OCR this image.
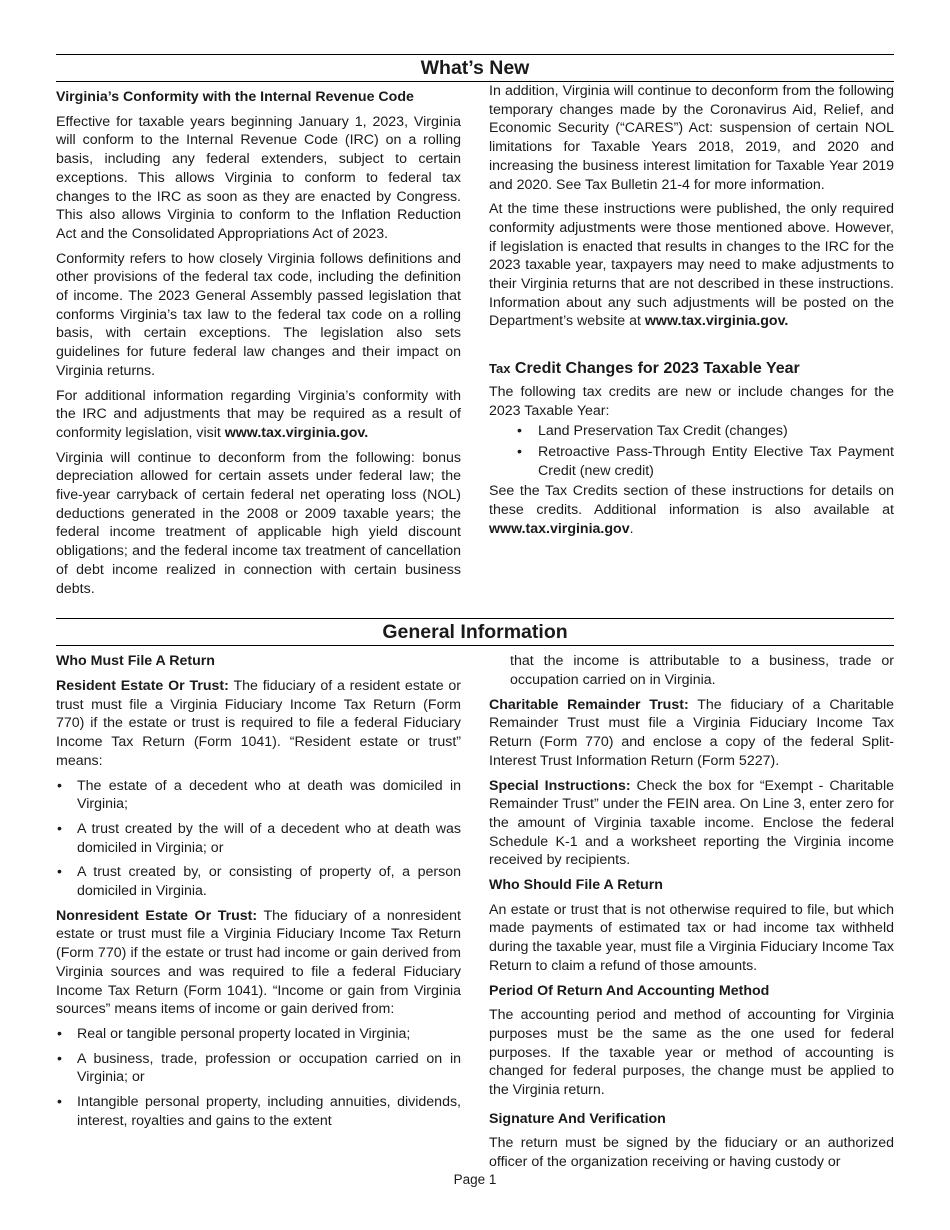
What’s New
Virginia’s Conformity with the Internal Revenue Code

Effective for taxable years beginning January 1, 2023, Virginia will conform to the Internal Revenue Code (IRC) on a rolling basis, including any federal extenders, subject to certain exceptions. This allows Virginia to conform to federal tax changes to the IRC as soon as they are enacted by Congress. This also allows Virginia to conform to the Inflation Reduction Act and the Consolidated Appropriations Act of 2023.

Conformity refers to how closely Virginia follows definitions and other provisions of the federal tax code, including the definition of income. The 2023 General Assembly passed legislation that conforms Virginia’s tax law to the federal tax code on a rolling basis, with certain exceptions. The legislation also sets guidelines for future federal law changes and their impact on Virginia returns.

For additional information regarding Virginia’s conformity with the IRC and adjustments that may be required as a result of conformity legislation, visit www.tax.virginia.gov.

Virginia will continue to deconform from the following: bonus depreciation allowed for certain assets under federal law; the five-year carryback of certain federal net operating loss (NOL) deductions generated in the 2008 or 2009 taxable years; the federal income treatment of applicable high yield discount obligations; and the federal income tax treatment of cancellation of debt income realized in connection with certain business debts.

In addition, Virginia will continue to deconform from the following temporary changes made by the Coronavirus Aid, Relief, and Economic Security (“CARES”) Act: suspension of certain NOL limitations for Taxable Years 2018, 2019, and 2020 and increasing the business interest limitation for Taxable Year 2019 and 2020. See Tax Bulletin 21-4 for more information.

At the time these instructions were published, the only required conformity adjustments were those mentioned above. However, if legislation is enacted that results in changes to the IRC for the 2023 taxable year, taxpayers may need to make adjustments to their Virginia returns that are not described in these instructions. Information about any such adjustments will be posted on the Department’s website at www.tax.virginia.gov.

Tax Credit Changes for 2023 Taxable Year

The following tax credits are new or include changes for the 2023 Taxable Year:

• Land Preservation Tax Credit (changes)
• Retroactive Pass-Through Entity Elective Tax Payment Credit (new credit)

See the Tax Credits section of these instructions for details on these credits. Additional information is also available at www.tax.virginia.gov.

General Information
Who Must File A Return

Resident Estate Or Trust: The fiduciary of a resident estate or trust must file a Virginia Fiduciary Income Tax Return (Form 770) if the estate or trust is required to file a federal Fiduciary Income Tax Return (Form 1041). “Resident estate or trust” means:

• The estate of a decedent who at death was domiciled in Virginia;
• A trust created by the will of a decedent who at death was domiciled in Virginia; or
• A trust created by, or consisting of property of, a person domiciled in Virginia.

Nonresident Estate Or Trust: The fiduciary of a nonresident estate or trust must file a Virginia Fiduciary Income Tax Return (Form 770) if the estate or trust had income or gain derived from Virginia sources and was required to file a federal Fiduciary Income Tax Return (Form 1041). “Income or gain from Virginia sources” means items of income or gain derived from:

• Real or tangible personal property located in Virginia;
• A business, trade, profession or occupation carried on in Virginia; or
• Intangible personal property, including annuities, dividends, interest, royalties and gains to the extent

that the income is attributable to a business, trade or occupation carried on in Virginia.

Charitable Remainder Trust: The fiduciary of a Charitable Remainder Trust must file a Virginia Fiduciary Income Tax Return (Form 770) and enclose a copy of the federal Split-Interest Trust Information Return (Form 5227).

Special Instructions: Check the box for “Exempt - Charitable Remainder Trust” under the FEIN area. On Line 3, enter zero for the amount of Virginia taxable income. Enclose the federal Schedule K-1 and a worksheet reporting the Virginia income received by recipients.

Who Should File A Return

An estate or trust that is not otherwise required to file, but which made payments of estimated tax or had income tax withheld during the taxable year, must file a Virginia Fiduciary Income Tax Return to claim a refund of those amounts.

Period Of Return And Accounting Method

The accounting period and method of accounting for Virginia purposes must be the same as the one used for federal purposes. If the taxable year or method of accounting is changed for federal purposes, the change must be applied to the Virginia return.

Signature And Verification

The return must be signed by the fiduciary or an authorized officer of the organization receiving or having custody or

Page 1
